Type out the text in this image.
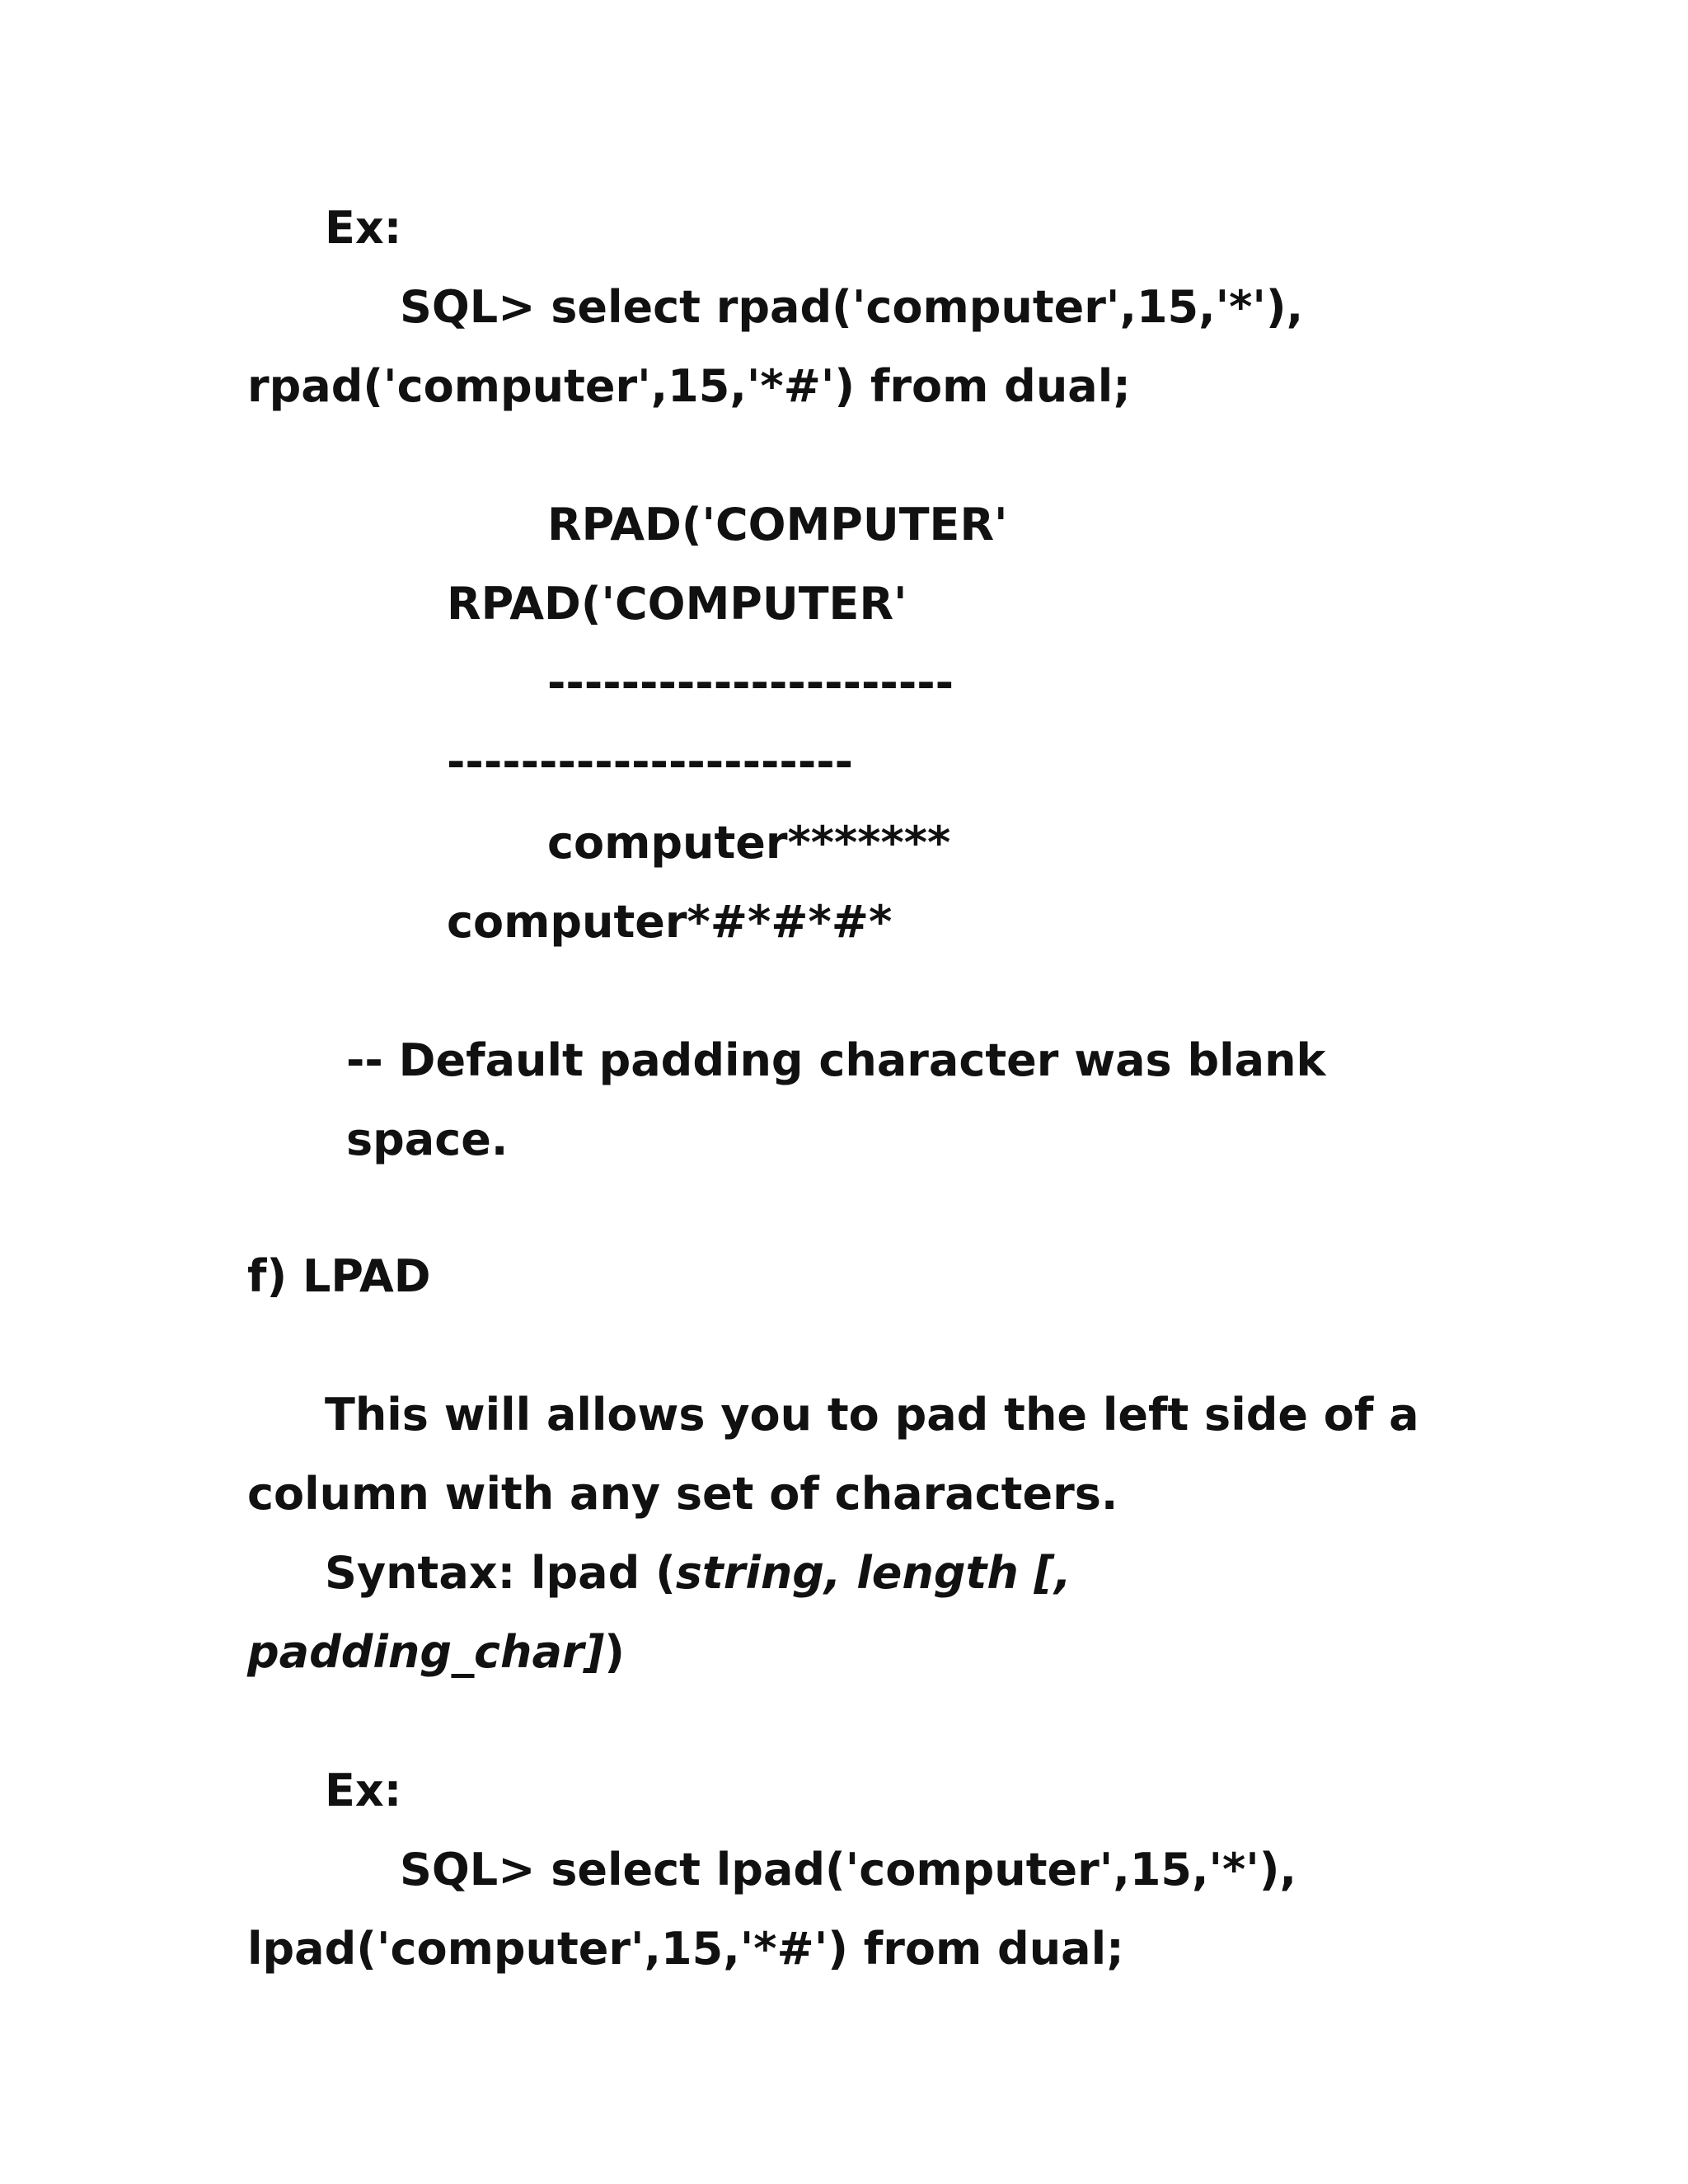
Ex:
SQL> select rpad('computer',15,'*'),
rpad('computer',15,'*#') from dual;
RPAD('COMPUTER'
RPAD('COMPUTER'
----------------------
----------------------
computer*******
computer*#*#*#*
-- Default padding character was blank
space.
f) LPAD
This will allows you to pad the left side of a
column with any set of characters.
Syntax: lpad (string, length [,
padding_char])
Ex:
SQL> select lpad('computer',15,'*'),
lpad('computer',15,'*#') from dual;
